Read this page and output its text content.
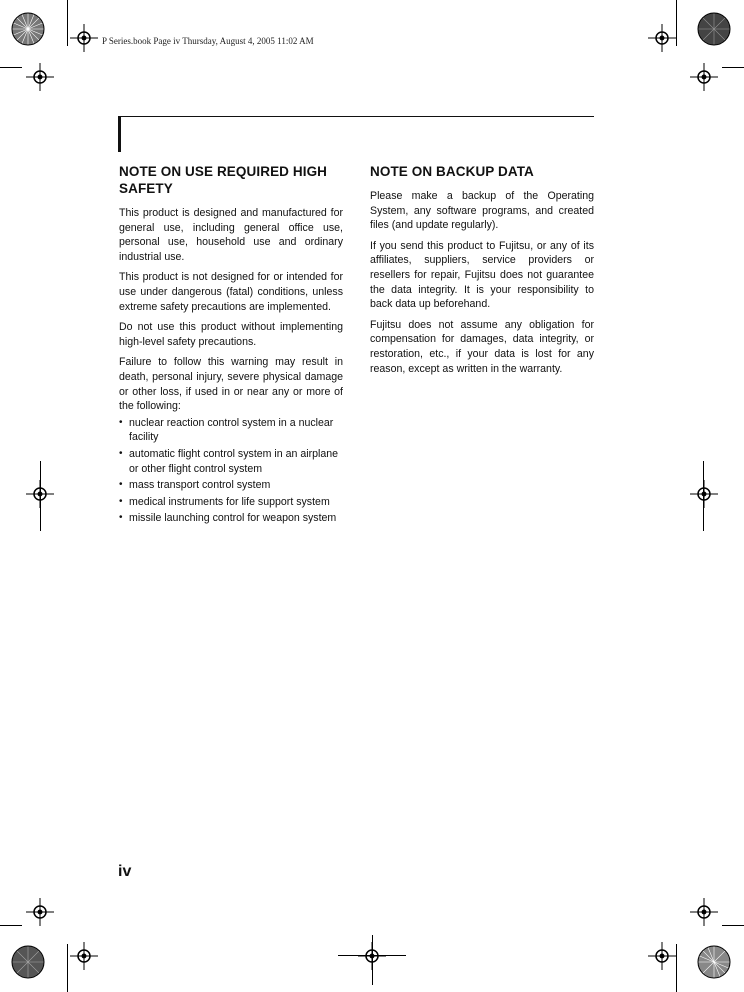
P Series.book Page iv Thursday, August 4, 2005 11:02 AM
NOTE ON USE REQUIRED HIGH SAFETY

This product is designed and manufactured for general use, including general office use, personal use, household use and ordinary industrial use.

This product is not designed for or intended for use under dangerous (fatal) conditions, unless extreme safety precautions are implemented.

Do not use this product without implementing high-level safety precautions.

Failure to follow this warning may result in death, personal injury, severe physical damage or other loss, if used in or near any or more of the following:

• nuclear reaction control system in a nuclear facility
• automatic flight control system in an airplane or other flight control system
• mass transport control system
• medical instruments for life support system
• missile launching control for weapon system
NOTE ON BACKUP DATA

Please make a backup of the Operating System, any software programs, and created files (and update regularly).

If you send this product to Fujitsu, or any of its affiliates, suppliers, service providers or resellers for repair, Fujitsu does not guarantee the data integrity. It is your responsibility to back data up beforehand.

Fujitsu does not assume any obligation for compensation for damages, data integrity, or restoration, etc., if your data is lost for any reason, except as written in the warranty.

iv
